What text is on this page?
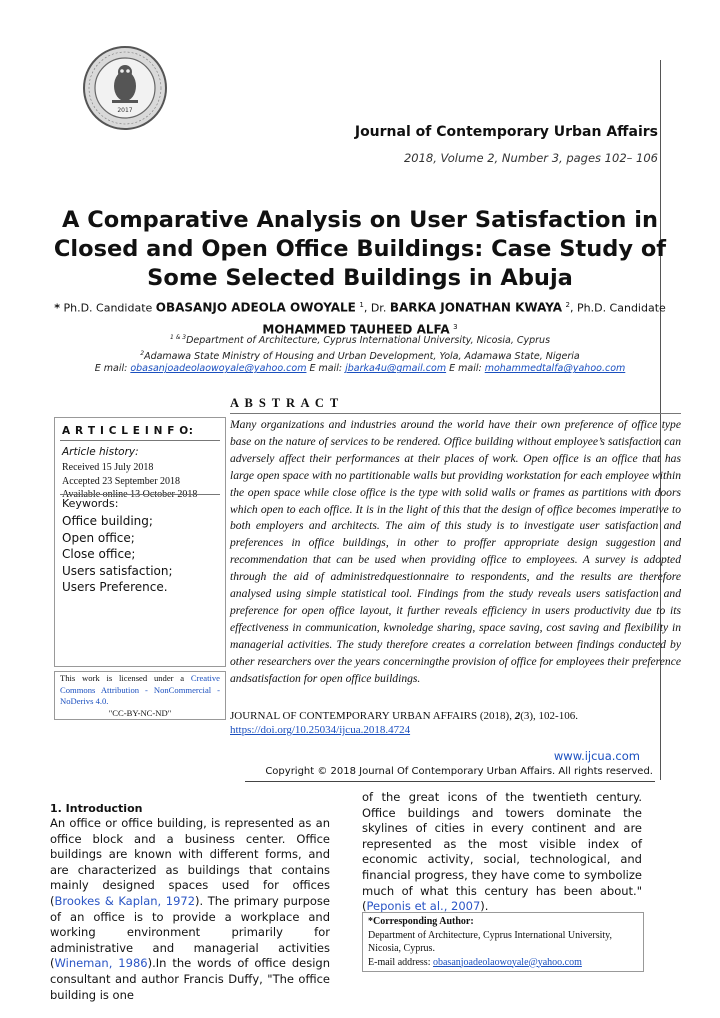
2017
Journal of Contemporary Urban Affairs
2018, Volume 2, Number 3, pages 102– 106
A Comparative Analysis on User Satisfaction in
Closed and Open Office Buildings: Case Study of
Some Selected Buildings in Abuja
* Ph.D. Candidate OBASANJO ADEOLA OWOYALE $^1$, Dr. BARKA JONATHAN KWAYA $^2$, Ph.D. Candidate
MOHAMMED TAUHEED ALFA $^3$
$^{1 \& 3}$Department of Architecture, Cyprus International University, Nicosia, Cyprus
$^2$Adamawa State Ministry of Housing and Urban Development, Yola, Adamawa State, Nigeria
E mail: obasanjoadeolaowoyale@yahoo.com E mail: jbarka4u@gmail.com E mail: mohammedtalfa@yahoo.com
A R T I C L E I N F O:
Article history:
Received 15 July 2018
Accepted 23 September 2018
Keywords:
Office building;
Open office;
Close office;
Users satisfaction;
Users Preference.
This work is licensed under a Creative Commons Attribution - NonCommercial - NoDerivs 4.0.
"CC-BY-NC-ND"
A B S T R A C T
Many organizations and industries around the world have their own preference of office type base on the nature of services to be rendered. Office building without employee’s satisfaction can adversely affect their performances at their places of work. Open office is an office that has large open space with no partitionable walls but providing workstation for each employee within the open space while close office is the type with solid walls or frames as partitions with doors which open to each office. It is in the light of this that the design of office becomes imperative to both employers and architects. The aim of this study is to investigate user satisfaction and preferences in office buildings, in other to proffer appropriate design suggestion and recommendation that can be used when providing office to employees. A survey is adopted through the aid of administredquestionnaire to respondents, and the results are therefore analysed using simple statistical tool. Findings from the study reveals users satisfaction and preference for open office layout, it further reveals efficiency in users productivity due to its effectiveness in communication, kwnoledge sharing, space saving, cost saving and flexibility in managerial activities. The study therefore creates a correlation between findings conducted by other researchers over the years concerningthe provision of office for employees their preference andsatisfaction for open office buildings.
JOURNAL OF CONTEMPORARY URBAN AFFAIRS (2018), 2(3), 102-106.
https://doi.org/10.25034/ijcua.2018.4724
www.ijcua.com
Copyright © 2018 Journal Of Contemporary Urban Affairs. All rights reserved.
1. Introduction
An office or office building, is represented as an office block and a business center. Office buildings are known with different forms, and are characterized as buildings that contains mainly designed spaces used for offices (Brookes & Kaplan, 1972). The primary purpose of an office is to provide a workplace and working environment primarily for administrative and managerial activities (Wineman, 1986).In the words of office design consultant and author Francis Duffy, "The office building is one
of the great icons of the twentieth century. Office buildings and towers dominate the skylines of cities in every continent and are represented as the most visible index of economic activity, social, technological, and financial progress, they have come to symbolize much of what this century has been about." (Peponis et al., 2007).
*Corresponding Author:
Department of Architecture, Cyprus International University, Nicosia, Cyprus.
E-mail address: obasanjoadeolaowoyale@yahoo.com
